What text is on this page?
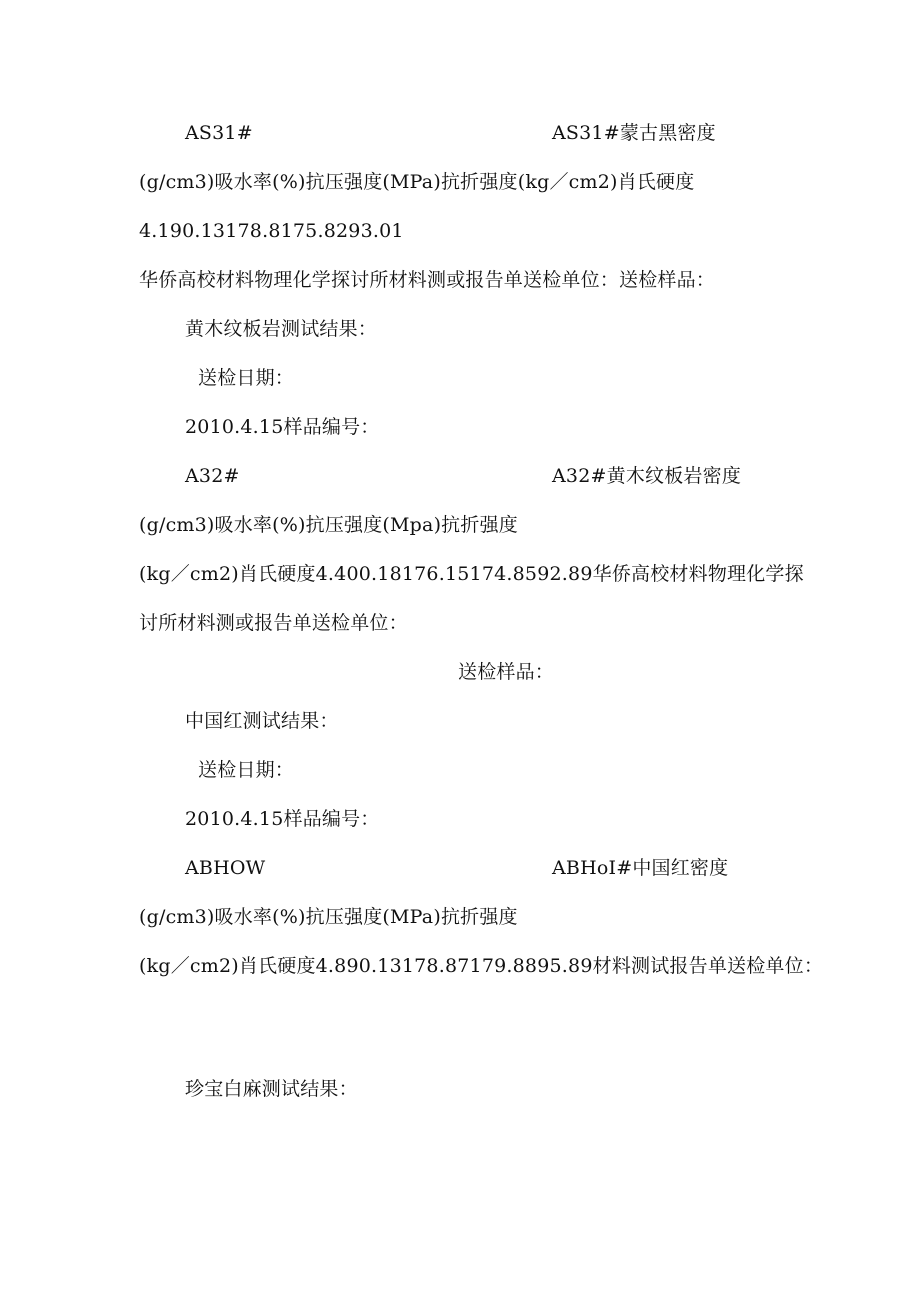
AS31#	AS31#蒙古黑密度
(g/cm3)吸水率(%)抗压强度(MPa)抗折强度(kg／cm2)肖氏硬度
4.190.13178.8175.8293.01
华侨高校材料物理化学探讨所材料测或报告单送检单位：送检样品：
黄木纹板岩测试结果：
送检日期：
2010.4.15样品编号：
A32#	A32#黄木纹板岩密度
(g/cm3)吸水率(%)抗压强度(Mpa)抗折强度
(kg／cm2)肖氏硬度4.400.18176.15174.8592.89华侨高校材料物理化学探
讨所材料测或报告单送检单位：
送检样品：
中国红测试结果：
送检日期：
2010.4.15样品编号：
ABHOW	ABHoI#中国红密度
(g/cm3)吸水率(%)抗压强度(MPa)抗折强度
(kg／cm2)肖氏硬度4.890.13178.87179.8895.89材料测试报告单送检单位：
珍宝白麻测试结果：
